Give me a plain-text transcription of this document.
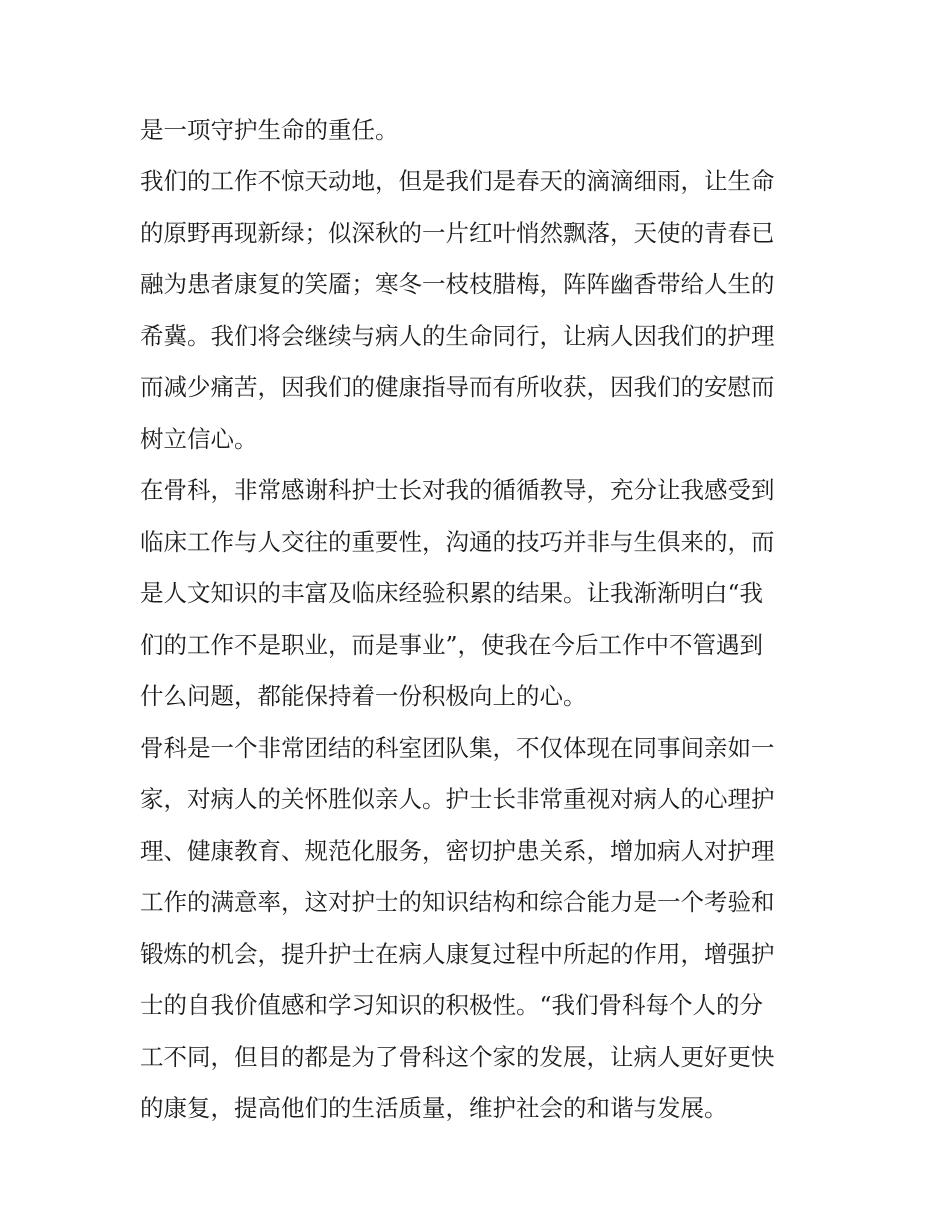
是一项守护生命的重任。
我们的工作不惊天动地，但是我们是春天的滴滴细雨，让生命
的原野再现新绿；似深秋的一片红叶悄然飘落，天使的青春已
融为患者康复的笑靥；寒冬一枝枝腊梅，阵阵幽香带给人生的
希冀。我们将会继续与病人的生命同行，让病人因我们的护理
而减少痛苦，因我们的健康指导而有所收获，因我们的安慰而
树立信心。
在骨科，非常感谢科护士长对我的循循教导，充分让我感受到
临床工作与人交往的重要性，沟通的技巧并非与生俱来的，而
是人文知识的丰富及临床经验积累的结果。让我渐渐明白“我
们的工作不是职业，而是事业”，使我在今后工作中不管遇到
什么问题，都能保持着一份积极向上的心。
骨科是一个非常团结的科室团队集，不仅体现在同事间亲如一
家，对病人的关怀胜似亲人。护士长非常重视对病人的心理护
理、健康教育、规范化服务，密切护患关系，增加病人对护理
工作的满意率，这对护士的知识结构和综合能力是一个考验和
锻炼的机会，提升护士在病人康复过程中所起的作用，增强护
士的自我价值感和学习知识的积极性。“我们骨科每个人的分
工不同，但目的都是为了骨科这个家的发展，让病人更好更快
的康复，提高他们的生活质量，维护社会的和谐与发展。
